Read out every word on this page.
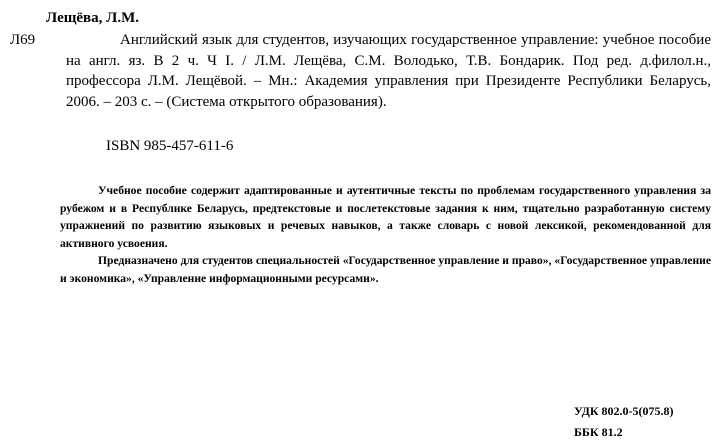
Лещёва, Л.М.
Л69	Английский язык для студентов, изучающих государственное управление: учебное пособие на англ. яз. В 2 ч. Ч I. / Л.М. Лещёва, С.М. Володько, Т.В. Бондарик. Под ред. д.филол.н., профессора Л.М. Лещёвой. – Мн.: Академия управления при Президенте Республики Беларусь, 2006. – 203 с. – (Система открытого образования).
ISBN 985-457-611-6

Учебное пособие содержит адаптированные и аутентичные тексты по проблемам государственного управления за рубежом и в Республике Беларусь, предтекстовые и послетекстовые задания к ним, тщательно разработанную систему упражнений по развитию языковых и речевых навыков, а также словарь с новой лексикой, рекомендованной для активного усвоения.

Предназначено для студентов специальностей «Государственное управление и право», «Государственное управление и экономика», «Управление информационными ресурсами».

УДК 802.0-5(075.8)
ББК 81.2
